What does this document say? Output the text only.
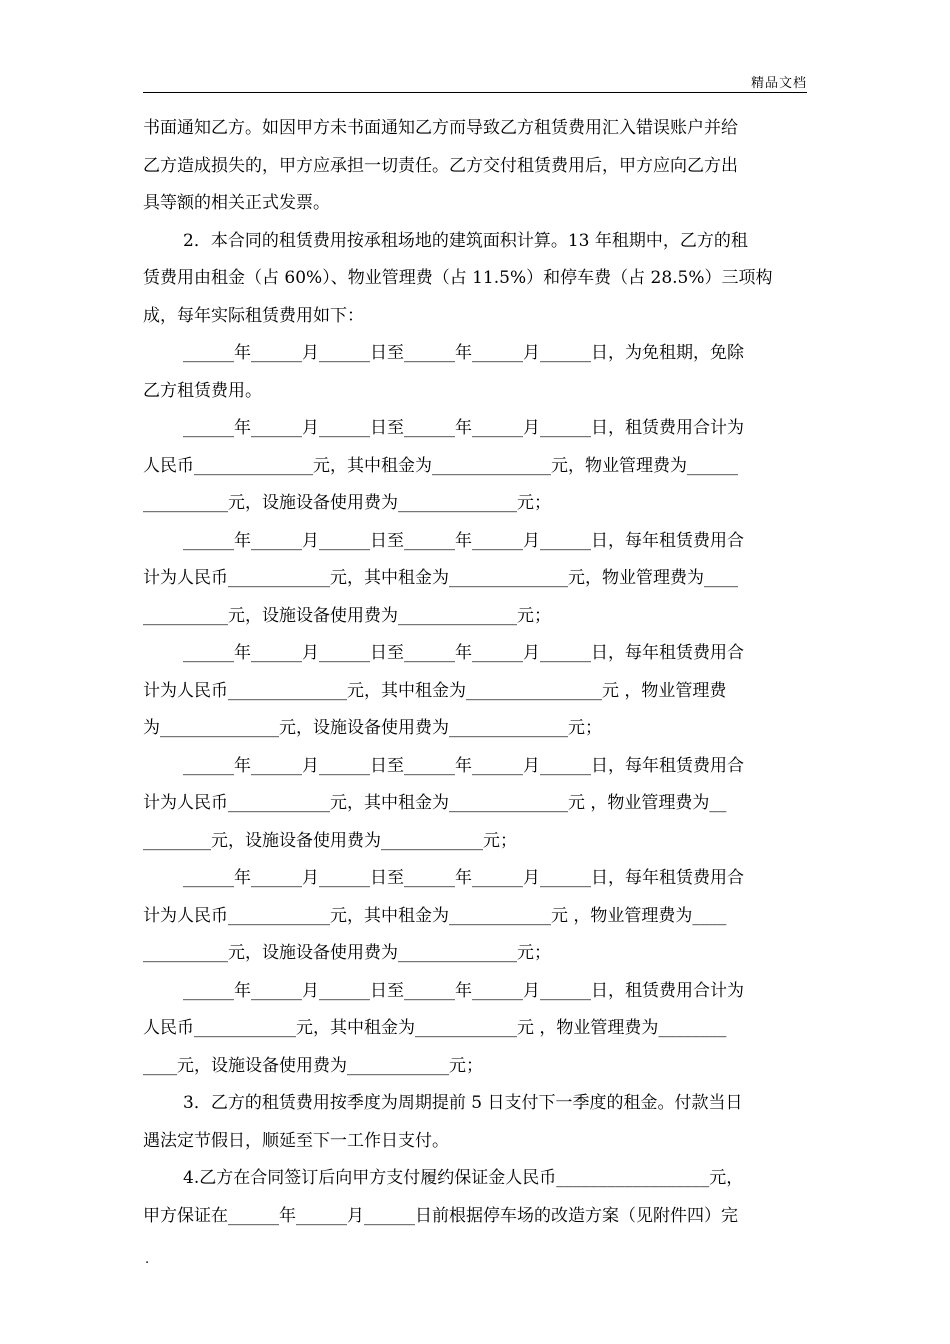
精品文档
书面通知乙方。如因甲方未书面通知乙方而导致乙方租赁费用汇入错误账户并给
乙方造成损失的，甲方应承担一切责任。乙方交付租赁费用后，甲方应向乙方出
具等额的相关正式发票。
2．本合同的租赁费用按承租场地的建筑面积计算。13 年租期中，乙方的租
赁费用由租金（占 60%）、物业管理费（占 11.5%）和停车费（占 28.5%）三项构
成，每年实际租赁费用如下：
______年______月______日至______年______月______日，为免租期，免除
乙方租赁费用。
______年______月______日至______年______月______日，租赁费用合计为
人民币______________元，其中租金为______________元，物业管理费为______
__________元，设施设备使用费为______________元；
______年______月______日至______年______月______日，每年租赁费用合
计为人民币____________元，其中租金为______________元，物业管理费为____
__________元，设施设备使用费为______________元；
______年______月______日至______年______月______日，每年租赁费用合
计为人民币______________元，其中租金为________________元 ，物业管理费
为______________元，设施设备使用费为______________元；
______年______月______日至______年______月______日，每年租赁费用合
计为人民币____________元，其中租金为______________元 ，物业管理费为__
________元，设施设备使用费为____________元；
______年______月______日至______年______月______日，每年租赁费用合
计为人民币____________元，其中租金为____________元 ，物业管理费为____
__________元，设施设备使用费为______________元；
______年______月______日至______年______月______日，租赁费用合计为
人民币____________元，其中租金为____________元 ，物业管理费为________
____元，设施设备使用费为____________元；
3．乙方的租赁费用按季度为周期提前 5 日支付下一季度的租金。付款当日
遇法定节假日，顺延至下一工作日支付。
4.乙方在合同签订后向甲方支付履约保证金人民币__________________元，
甲方保证在______年______月______日前根据停车场的改造方案（见附件四）完
.
